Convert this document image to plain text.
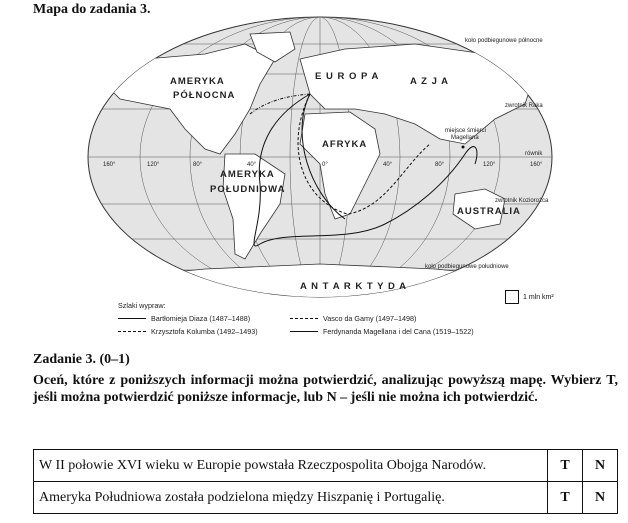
Mapa do zadania 3.
AMERYKA
PÓŁNOCNA
AMERYKA
POŁUDNIOWA
AFRYKA
AUSTRALIA
E U R O P A	A Z J A
A N T A R K T Y D A
miejsce śmierci
Magellana
koło podbiegunowe północne
zwrotnik Raka
równik
zwrotnik Koziorożca
koło podbiegunowe południowe
160°	120°	80°	40°	0°	40°	80°	120°	160°
1 mln km²
Szlaki wypraw:
Bartłomieja Diaza (1487–1488)
Krzysztofa Kolumba (1492–1493)
Vasco da Gamy (1497–1498)
Ferdynanda Magellana i del Cana (1519–1522)
Zadanie 3. (0–1)
Oceń, które z poniższych informacji można potwierdzić, analizując powyższą mapę. Wybierz T, jeśli można potwierdzić poniższe informacje, lub N – jeśli nie można ich potwierdzić.
W II połowie XVI wieku w Europie powstała Rzeczpospolita Obojga Narodów.	T	N
Ameryka Południowa została podzielona między Hiszpanię i Portugalię.	T	N
